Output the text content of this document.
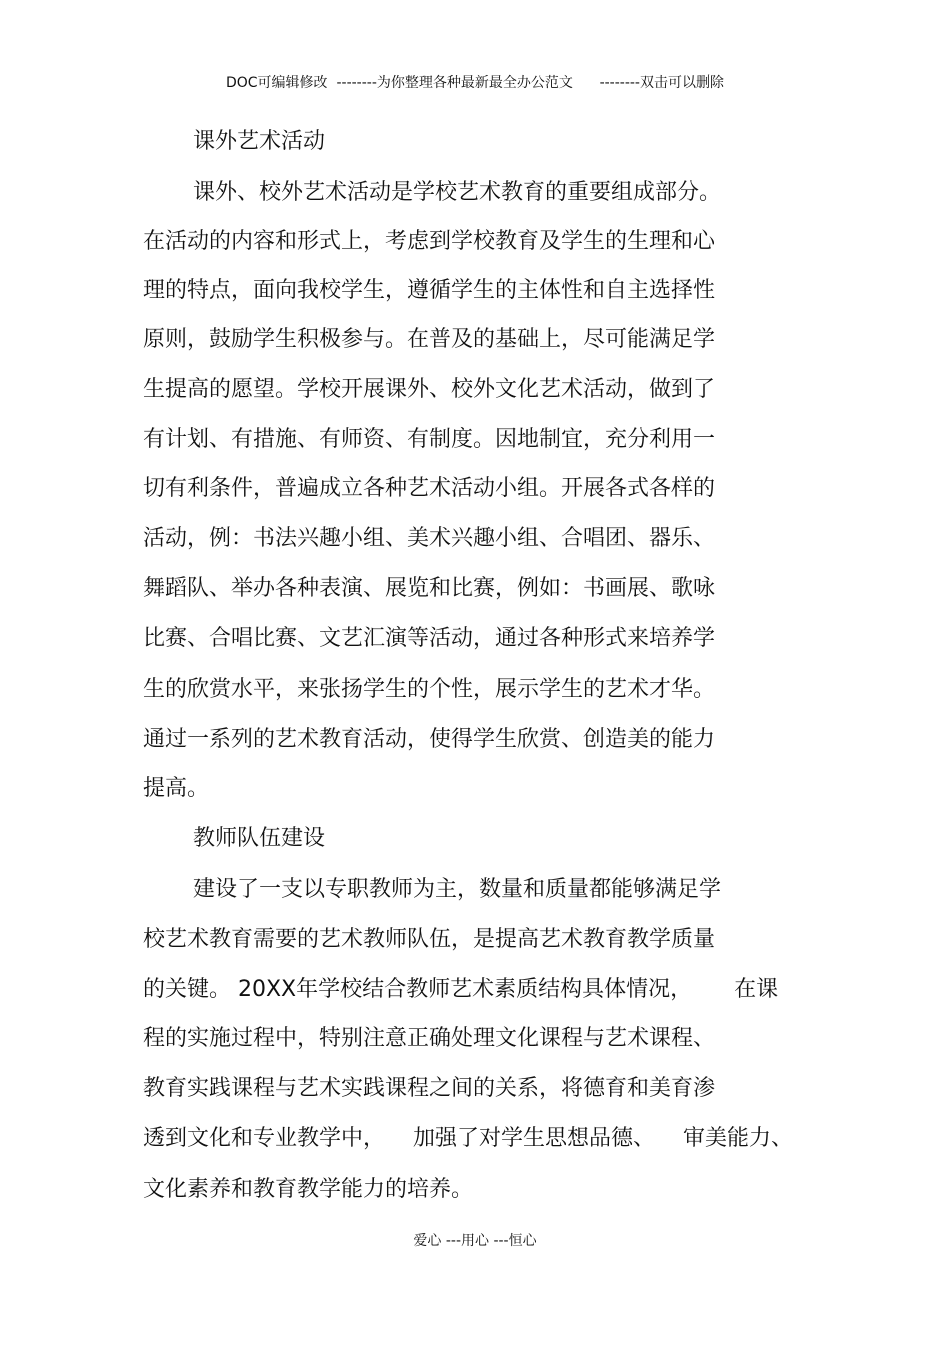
DOC可编辑修改  --------为你整理各种最新最全办公范文      --------双击可以删除
课外艺术活动
课外、校外艺术活动是学校艺术教育的重要组成部分。
在活动的内容和形式上，考虑到学校教育及学生的生理和心
理的特点，面向我校学生，遵循学生的主体性和自主选择性
原则，鼓励学生积极参与。在普及的基础上，尽可能满足学
生提高的愿望。学校开展课外、校外文化艺术活动，做到了
有计划、有措施、有师资、有制度。因地制宜，充分利用一
切有利条件，普遍成立各种艺术活动小组。开展各式各样的
活动，例：书法兴趣小组、美术兴趣小组、合唱团、器乐、
舞蹈队、举办各种表演、展览和比赛，例如：书画展、歌咏
比赛、合唱比赛、文艺汇演等活动，通过各种形式来培养学
生的欣赏水平，来张扬学生的个性，展示学生的艺术才华。
通过一系列的艺术教育活动，使得学生欣赏、创造美的能力
提高。
教师队伍建设
建设了一支以专职教师为主，数量和质量都能够满足学
校艺术教育需要的艺术教师队伍，是提高艺术教育教学质量
的关键。 20XX年学校结合教师艺术素质结构具体情况，      在课
程的实施过程中，特别注意正确处理文化课程与艺术课程、
教育实践课程与艺术实践课程之间的关系，将德育和美育渗
透到文化和专业教学中，    加强了对学生思想品德、    审美能力、
文化素养和教育教学能力的培养。
爱心 ---用心 ---恒心
